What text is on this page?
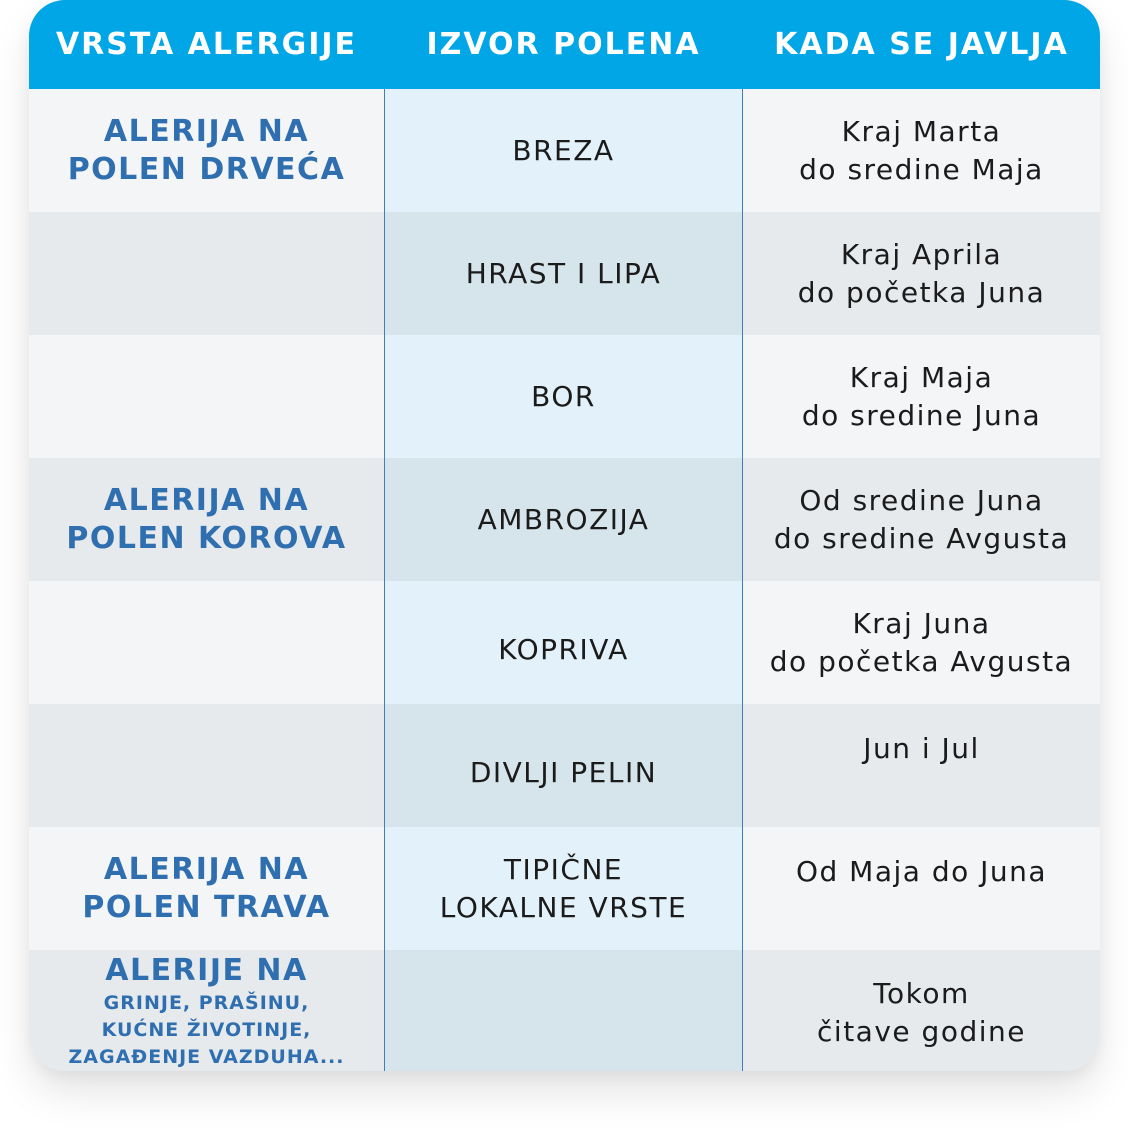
VRSTA ALERGIJE	IZVOR POLENA	KADA SE JAVLJA
ALERIJA NA
POLEN DRVEĆA
BREZA
Kraj Marta
do sredine Maja
HRAST I LIPA
Kraj Aprila
do početka Juna
BOR
Kraj Maja
do sredine Juna
ALERIJA NA
POLEN KOROVA
AMBROZIJA
Od sredine Juna
do sredine Avgusta
KOPRIVA
Kraj Juna
do početka Avgusta
DIVLJI PELIN
Jun i Jul
ALERIJA NA
POLEN TRAVA
TIPIČNE
LOKALNE VRSTE
Od Maja do Juna
ALERIJE NA
GRINJE, PRAŠINU,
KUĆNE ŽIVOTINJE,
ZAGAĐENJE VAZDUHA...
Tokom
čitave godine
